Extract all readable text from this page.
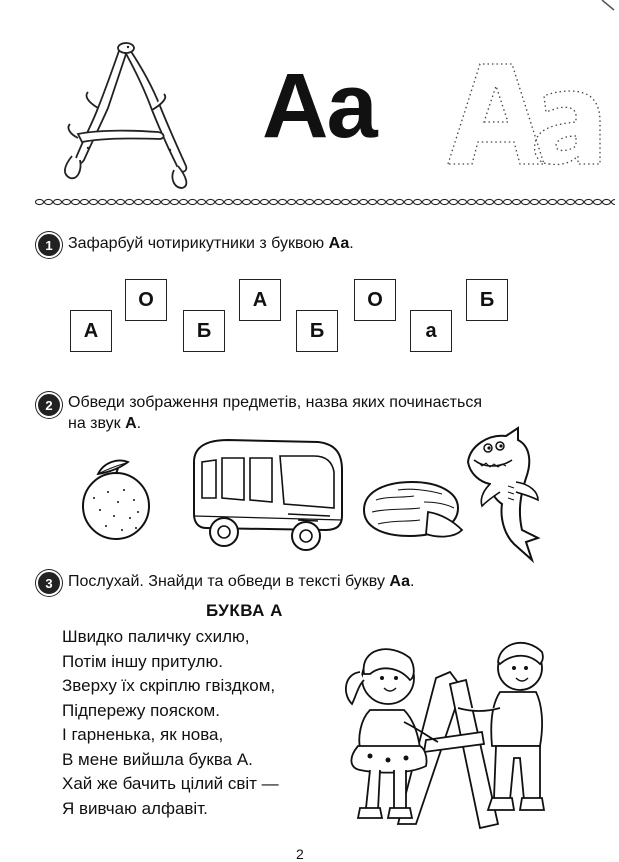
Aa
1 Зафарбуй чотирикутники з буквою Аа.
А
О
Б
А
Б
О
а
Б
2 Обведи зображення предметів, назва яких починається
на звук А.
3 Послухай. Знайди та обведи в тексті букву Аа.
БУКВА А
Швидко паличку схилю,
Потім іншу притулю.
Зверху їх скріплю гвіздком,
Підпережу пояском.
І гарненька, як нова,
В мене вийшла буква А.
Хай же бачить цілий світ —
Я вивчаю алфавіт.
2
